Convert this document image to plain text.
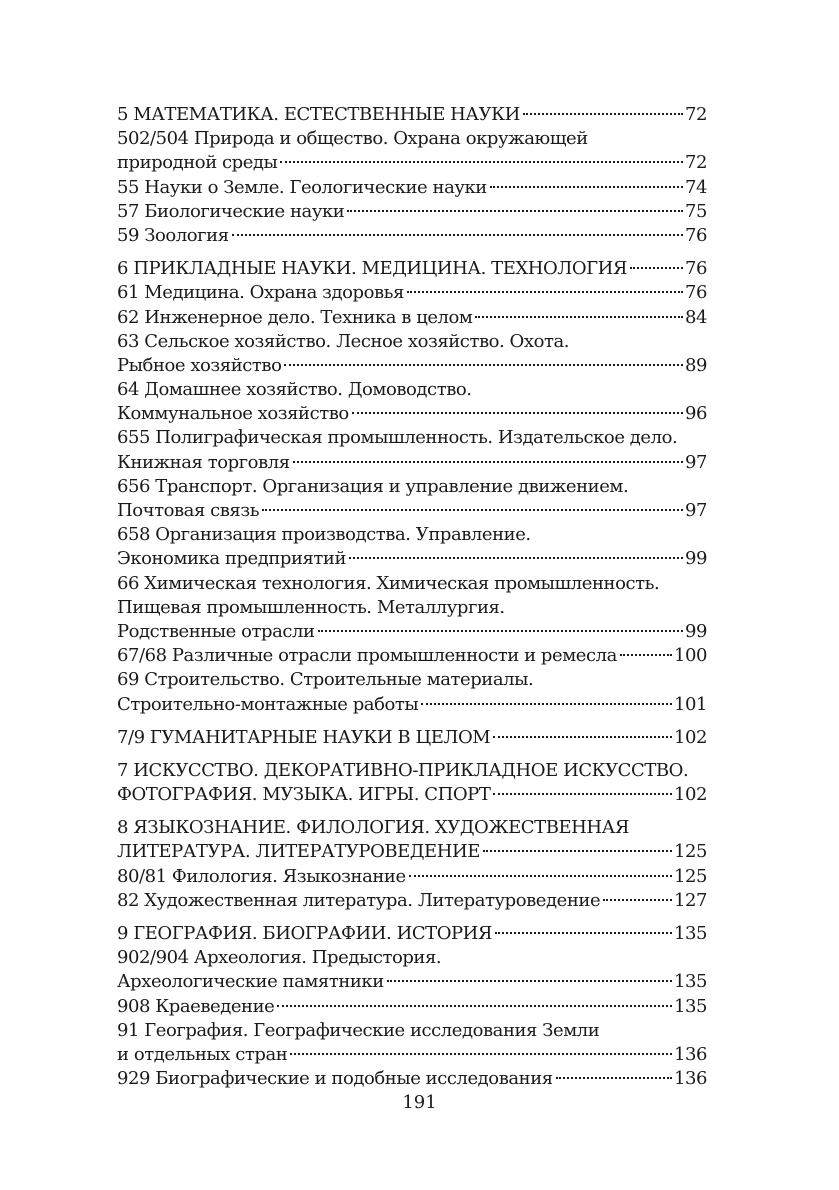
5 МАТЕМАТИКА. ЕСТЕСТВЕННЫЕ НАУКИ	72
502/504 Природа и общество. Охрана окружающей
природной среды	72
55 Науки о Земле. Геологические науки	74
57 Биологические науки	75
59 Зоология	76
6 ПРИКЛАДНЫЕ НАУКИ. МЕДИЦИНА. ТЕХНОЛОГИЯ	76
61 Медицина. Охрана здоровья	76
62 Инженерное дело. Техника в целом	84
63 Сельское хозяйство. Лесное хозяйство. Охота.
Рыбное хозяйство	89
64 Домашнее хозяйство. Домоводство.
Коммунальное хозяйство	96
655 Полиграфическая промышленность. Издательское дело.
Книжная торговля	97
656 Транспорт. Организация и управление движением.
Почтовая связь	97
658 Организация производства. Управление.
Экономика предприятий	99
66 Химическая технология. Химическая промышленность.
Пищевая промышленность. Металлургия.
Родственные отрасли	99
67/68 Различные отрасли промышленности и ремесла	100
69 Строительство. Строительные материалы.
Строительно-монтажные работы	101
7/9 ГУМАНИТАРНЫЕ НАУКИ В ЦЕЛОМ	102
7 ИСКУССТВО. ДЕКОРАТИВНО-ПРИКЛАДНОЕ ИСКУССТВО.
ФОТОГРАФИЯ. МУЗЫКА. ИГРЫ. СПОРТ	102
8 ЯЗЫКОЗНАНИЕ. ФИЛОЛОГИЯ. ХУДОЖЕСТВЕННАЯ
ЛИТЕРАТУРА. ЛИТЕРАТУРОВЕДЕНИЕ	125
80/81 Филология. Языкознание	125
82 Художественная литература. Литературоведение	127
9 ГЕОГРАФИЯ. БИОГРАФИИ. ИСТОРИЯ	135
902/904 Археология. Предыстория.
Археологические памятники	135
908 Краеведение	135
91 География. Географические исследования Земли
и отдельных стран	136
929 Биографические и подобные исследования	136
191
